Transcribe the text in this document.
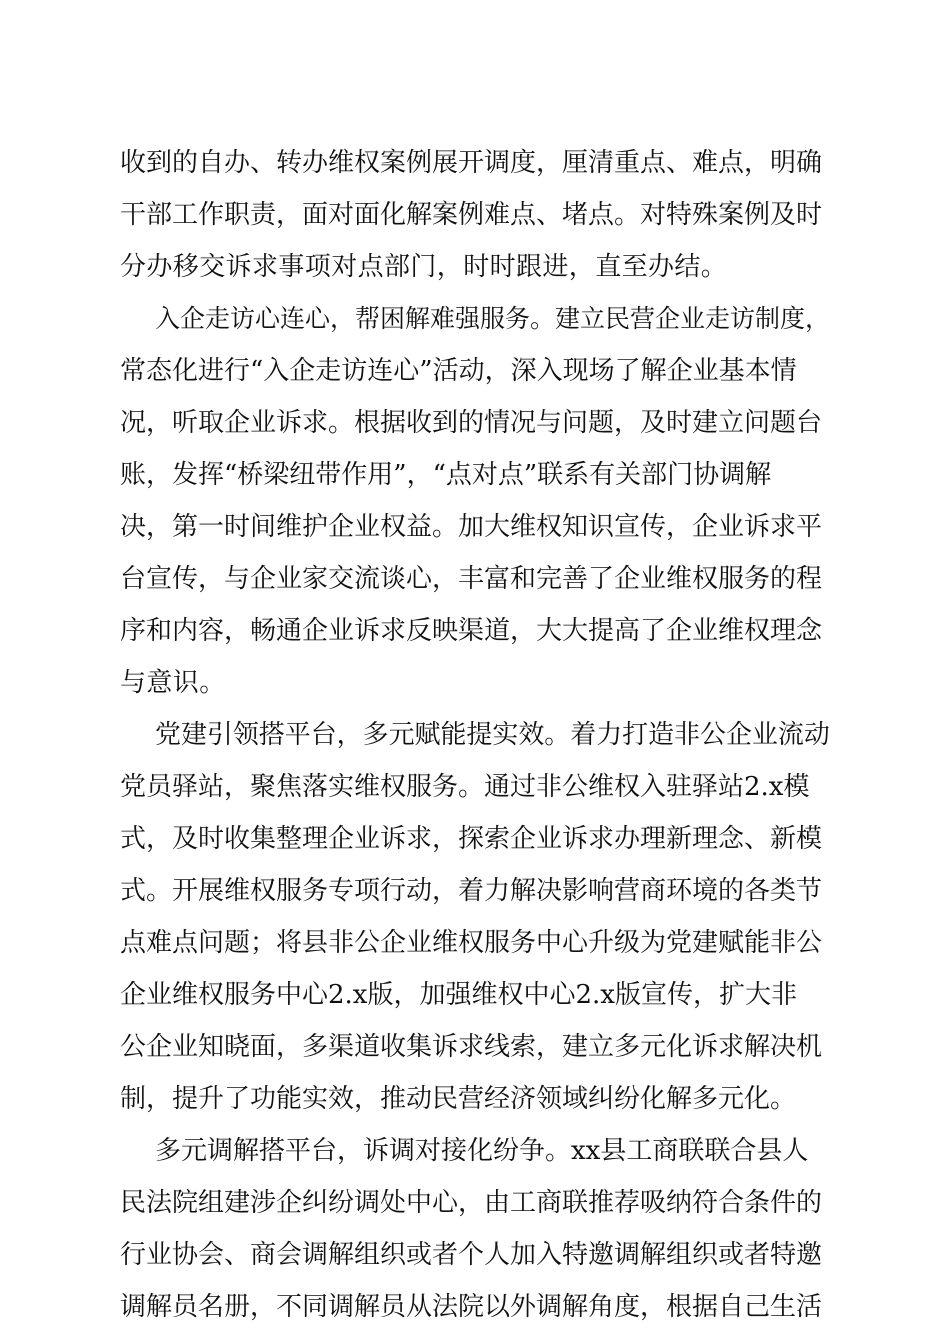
收到的自办、转办维权案例展开调度，厘清重点、难点，明确

干部工作职责，面对面化解案例难点、堵点。对特殊案例及时

分办移交诉求事项对点部门，时时跟进，直至办结。

入企走访心连心，帮困解难强服务。建立民营企业走访制度，

常态化进行“入企走访连心”活动，深入现场了解企业基本情

况，听取企业诉求。根据收到的情况与问题，及时建立问题台

账，发挥“桥梁纽带作用”，“点对点”联系有关部门协调解

决，第一时间维护企业权益。加大维权知识宣传，企业诉求平

台宣传，与企业家交流谈心，丰富和完善了企业维权服务的程

序和内容，畅通企业诉求反映渠道，大大提高了企业维权理念

与意识。

党建引领搭平台，多元赋能提实效。着力打造非公企业流动

党员驿站，聚焦落实维权服务。通过非公维权入驻驿站2.x模

式，及时收集整理企业诉求，探索企业诉求办理新理念、新模

式。开展维权服务专项行动，着力解决影响营商环境的各类节

点难点问题；将县非公企业维权服务中心升级为党建赋能非公

企业维权服务中心2.x版，加强维权中心2.x版宣传，扩大非

公企业知晓面，多渠道收集诉求线索，建立多元化诉求解决机

制，提升了功能实效，推动民营经济领域纠纷化解多元化。

多元调解搭平台，诉调对接化纷争。xx县工商联联合县人

民法院组建涉企纠纷调处中心，由工商联推荐吸纳符合条件的

行业协会、商会调解组织或者个人加入特邀调解组织或者特邀

调解员名册，不同调解员从法院以外调解角度，根据自己生活
